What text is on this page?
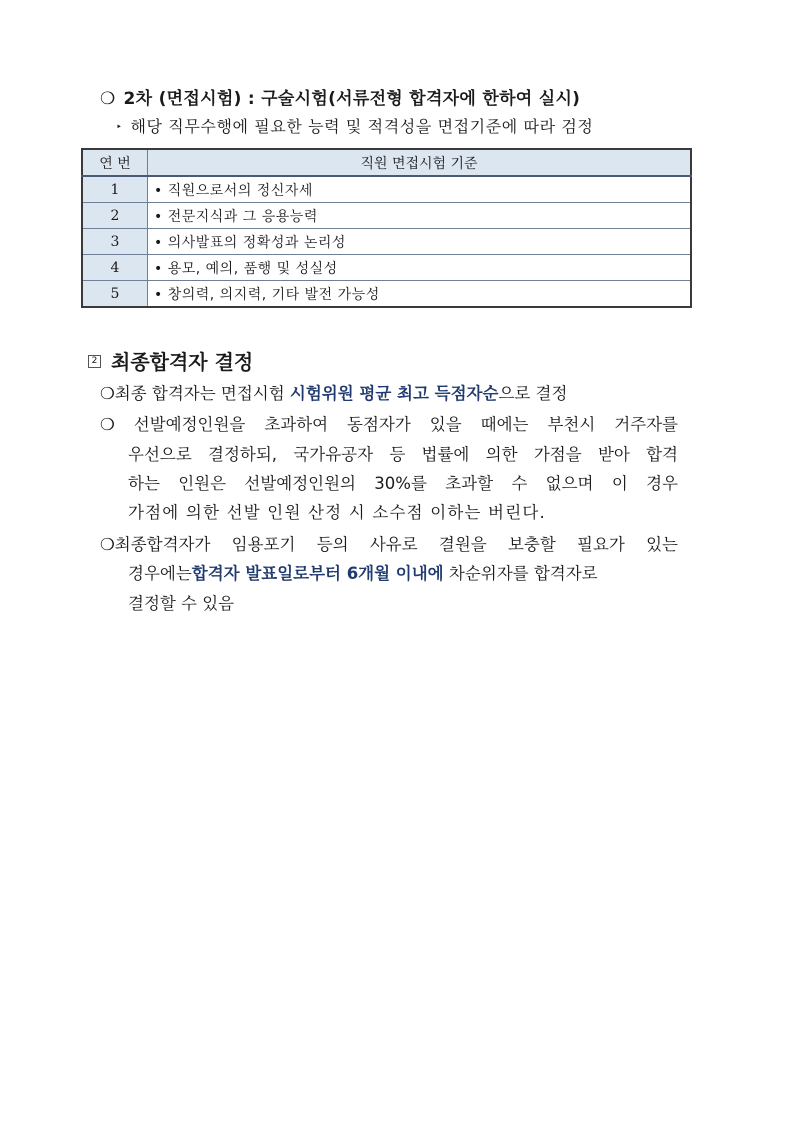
❍ 2차 (면접시험) : 구술시험(서류전형 합격자에 한하여 실시)
‣ 해당 직무수행에 필요한 능력 및 적격성을 면접기준에 따라 검정
연 번	직원 면접시험 기준
1	• 직원으로서의 정신자세
2	• 전문지식과 그 응용능력
3	• 의사발표의 정확성과 논리성
4	• 용모, 예의, 품행 및 성실성
5	• 창의력, 의지력, 기타 발전 가능성
2 최종합격자 결정
❍최종 합격자는 면접시험 시험위원 평균 최고 득점자순으로 결정
❍ 선발예정인원을 초과하여 동점자가 있을 때에는 부천시 거주자를
우선으로 결정하되, 국가유공자 등 법률에 의한 가점을 받아 합격
하는 인원은 선발예정인원의 30%를 초과할 수 없으며 이 경우
가점에 의한 선발 인원 산정 시 소수점 이하는 버린다.
❍최종합격자가 임용포기 등의 사유로 결원을 보충할 필요가 있는
경우에는합격자 발표일로부터 6개월 이내에 차순위자를 합격자로
결정할 수 있음
